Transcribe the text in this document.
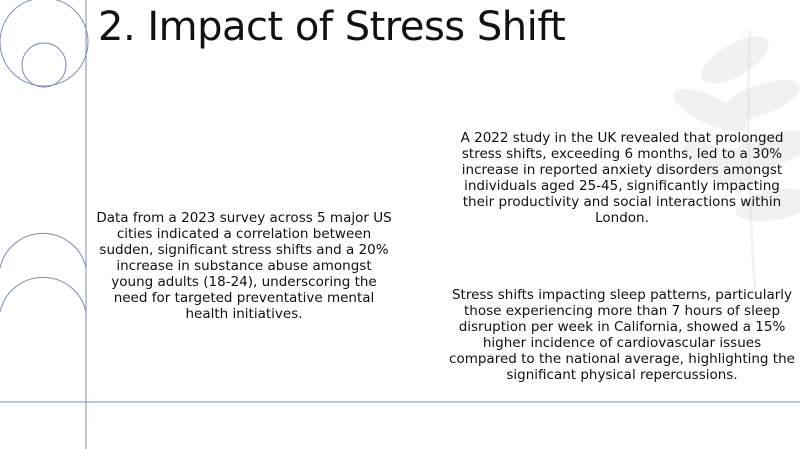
2. Impact of Stress Shift

Data from a 2023 survey across 5 major US cities indicated a correlation between sudden, significant stress shifts and a 20% increase in substance abuse amongst young adults (18-24), underscoring the need for targeted preventative mental health initiatives.

A 2022 study in the UK revealed that prolonged stress shifts, exceeding 6 months, led to a 30% increase in reported anxiety disorders amongst individuals aged 25-45, significantly impacting their productivity and social interactions within London.

Stress shifts impacting sleep patterns, particularly those experiencing more than 7 hours of sleep disruption per week in California, showed a 15% higher incidence of cardiovascular issues compared to the national average, highlighting the significant physical repercussions.
